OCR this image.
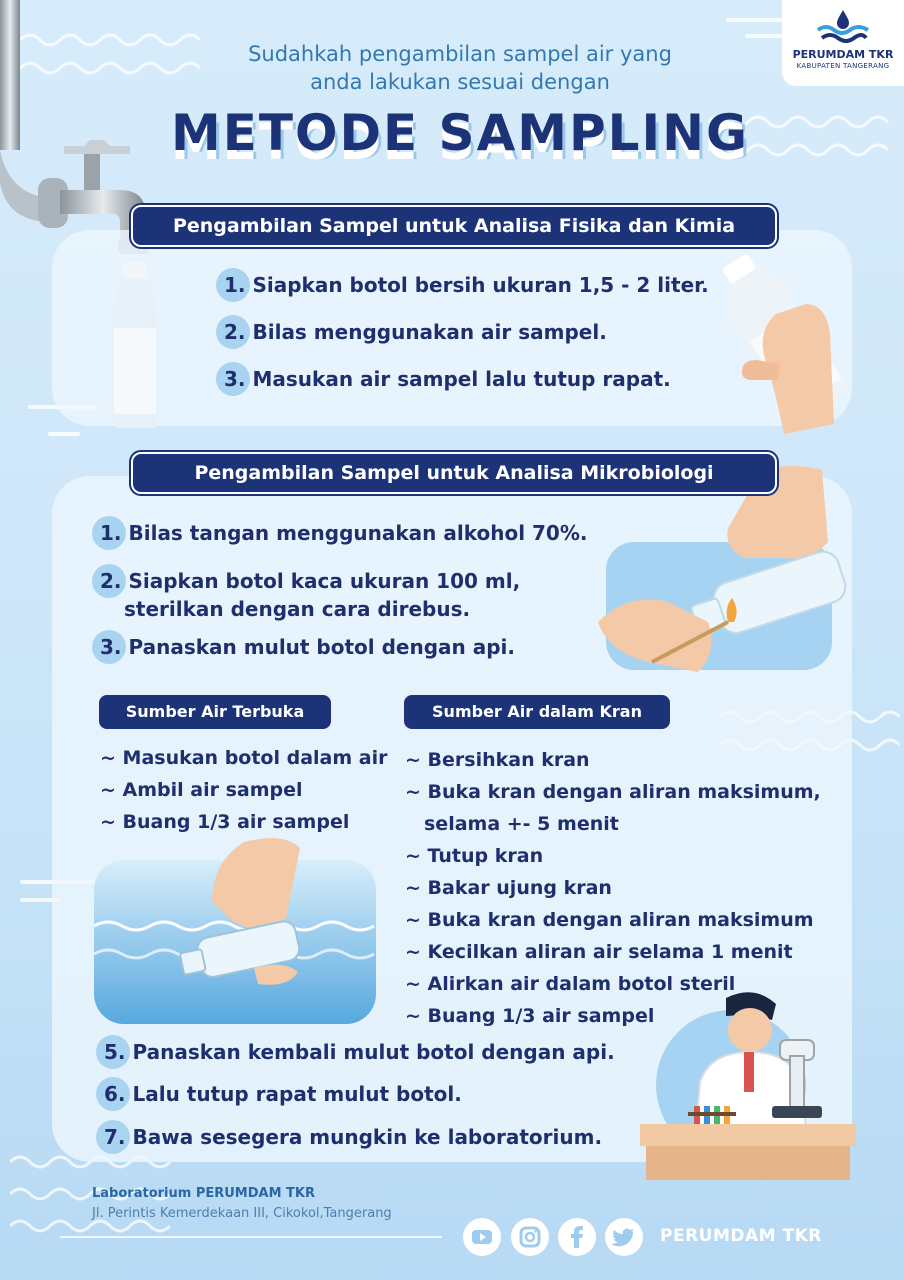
PERUMDAM TKR
KABUPATEN TANGERANG
Sudahkah pengambilan sampel air yang
anda lakukan sesuai dengan
METODE SAMPLING
Pengambilan Sampel untuk Analisa Fisika dan Kimia
1. Siapkan botol bersih ukuran 1,5 - 2 liter.
2. Bilas menggunakan air sampel.
3. Masukan air sampel lalu tutup rapat.
Pengambilan Sampel untuk Analisa Mikrobiologi
1. Bilas tangan menggunakan alkohol 70%.
2. Siapkan botol kaca ukuran 100 ml,
sterilkan dengan cara direbus.
3. Panaskan mulut botol dengan api.
Sumber Air Terbuka
~ Masukan botol dalam air
~ Ambil air sampel
~ Buang 1/3 air sampel
Sumber Air dalam Kran
~ Bersihkan kran
~ Buka kran dengan aliran maksimum,
selama +- 5 menit
~ Tutup kran
~ Bakar ujung kran
~ Buka kran dengan aliran maksimum
~ Kecilkan aliran air selama 1 menit
~ Alirkan air dalam botol steril
~ Buang 1/3 air sampel
5. Panaskan kembali mulut botol dengan api.
6. Lalu tutup rapat mulut botol.
7. Bawa sesegera mungkin ke laboratorium.
Laboratorium PERUMDAM TKR
Jl. Perintis Kemerdekaan III, Cikokol,Tangerang
PERUMDAM TKR
